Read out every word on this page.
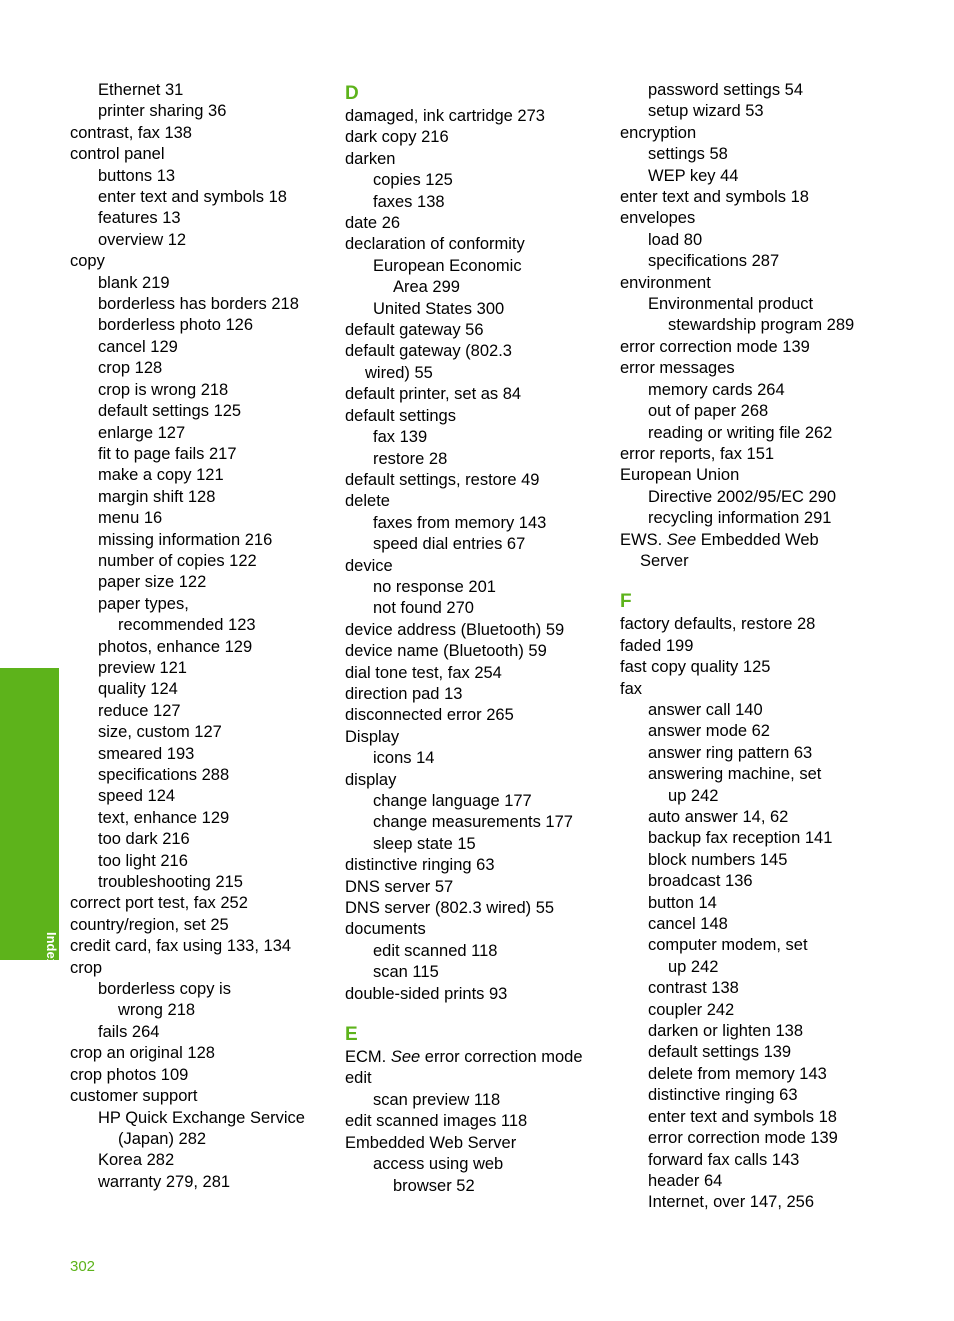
Ethernet 31
printer sharing 36
contrast, fax 138
control panel
buttons 13
enter text and symbols 18
features 13
overview 12
copy
blank 219
borderless has borders 218
borderless photo 126
cancel 129
crop 128
crop is wrong 218
default settings 125
enlarge 127
fit to page fails 217
make a copy 121
margin shift 128
menu 16
missing information 216
number of copies 122
paper size 122
paper types,
recommended 123
photos, enhance 129
preview 121
quality 124
reduce 127
size, custom 127
smeared 193
specifications 288
speed 124
text, enhance 129
too dark 216
too light 216
troubleshooting 215
correct port test, fax 252
country/region, set 25
credit card, fax using 133, 134
crop
borderless copy is
wrong 218
fails 264
crop an original 128
crop photos 109
customer support
HP Quick Exchange Service
(Japan) 282
Korea 282
warranty 279, 281
D
damaged, ink cartridge 273
dark copy 216
darken
copies 125
faxes 138
date 26
declaration of conformity
European Economic
Area 299
United States 300
default gateway 56
default gateway (802.3
wired) 55
default printer, set as 84
default settings
fax 139
restore 28
default settings, restore 49
delete
faxes from memory 143
speed dial entries 67
device
no response 201
not found 270
device address (Bluetooth) 59
device name (Bluetooth) 59
dial tone test, fax 254
direction pad 13
disconnected error 265
Display
icons 14
display
change language 177
change measurements 177
sleep state 15
distinctive ringing 63
DNS server 57
DNS server (802.3 wired) 55
documents
edit scanned 118
scan 115
double-sided prints 93
E
ECM. See error correction mode
edit
scan preview 118
edit scanned images 118
Embedded Web Server
access using web
browser 52
password settings 54
setup wizard 53
encryption
settings 58
WEP key 44
enter text and symbols 18
envelopes
load 80
specifications 287
environment
Environmental product
stewardship program 289
error correction mode 139
error messages
memory cards 264
out of paper 268
reading or writing file 262
error reports, fax 151
European Union
Directive 2002/95/EC 290
recycling information 291
EWS. See Embedded Web
Server
F
factory defaults, restore 28
faded 199
fast copy quality 125
fax
answer call 140
answer mode 62
answer ring pattern 63
answering machine, set
up 242
auto answer 14, 62
backup fax reception 141
block numbers 145
broadcast 136
button 14
cancel 148
computer modem, set
up 242
contrast 138
coupler 242
darken or lighten 138
default settings 139
delete from memory 143
distinctive ringing 63
enter text and symbols 18
error correction mode 139
forward fax calls 143
header 64
Internet, over 147, 256
Index
302
